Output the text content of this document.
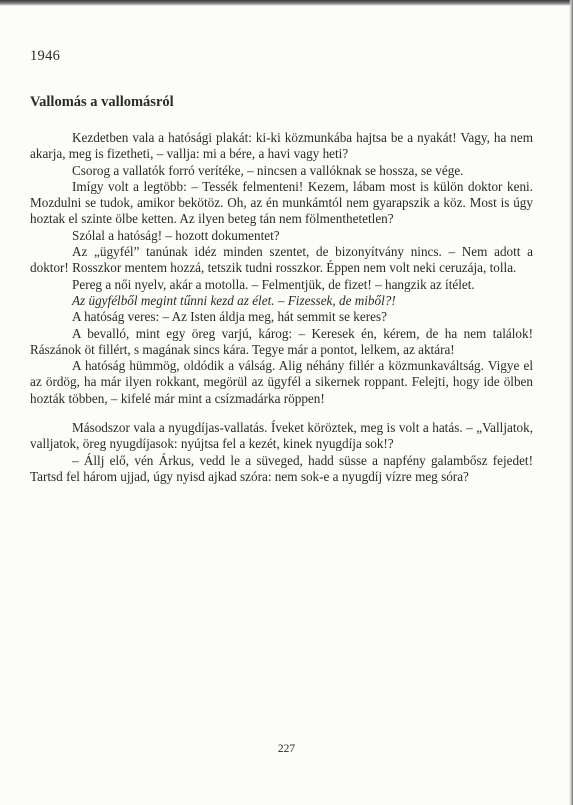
1946
Vallomás a vallomásról

Kezdetben vala a hatósági plakát: ki-ki közmunkába hajtsa be a nyakát! Vagy, ha nem akarja, meg is fizetheti, – vallja: mi a bére, a havi vagy heti?

Csorog a vallatók forró verítéke, – nincsen a vallóknak se hossza, se vége.

Imígy volt a legtöbb: – Tessék felmenteni! Kezem, lábam most is külön doktor keni. Mozdulni se tudok, amikor bekötöz. Oh, az én munkámtól nem gyarapszik a köz. Most is úgy hoztak el szinte ölbe ketten. Az ilyen beteg tán nem fölmenthetetlen?

Szólal a hatóság! – hozott dokumentet?

Az „ügyfél” tanúnak idéz minden szentet, de bizonyítvány nincs. – Nem adott a doktor! Rosszkor mentem hozzá, tetszik tudni rosszkor. Éppen nem volt neki ceruzája, tolla.

Pereg a női nyelv, akár a motolla. – Felmentjük, de fizet! – hangzik az ítélet.

Az ügyfélből megint tűnni kezd az élet. – Fizessek, de miből?!

A hatóság veres: – Az Isten áldja meg, hát semmit se keres?

A bevalló, mint egy öreg varjú, károg: – Keresek én, kérem, de ha nem találok! Rászánok öt fillért, s magának sincs kára. Tegye már a pontot, lelkem, az aktára!

A hatóság hümmög, oldódik a válság. Alig néhány fillér a közmunkaváltság. Vigye el az ördög, ha már ilyen rokkant, megörül az ügyfél a sikernek roppant. Felejti, hogy ide ölben hozták többen, – kifelé már mint a csízmadárka röppen!

Másodszor vala a nyugdíjas-vallatás. Íveket köröztek, meg is volt a hatás. – „Valljatok, valljatok, öreg nyugdíjasok: nyújtsa fel a kezét, kinek nyugdíja sok!?

– Állj elő, vén Árkus, vedd le a süveged, hadd süsse a napfény galambősz fejedet! Tartsd fel három ujjad, úgy nyisd ajkad szóra: nem sok-e a nyugdíj vízre meg sóra?

227
